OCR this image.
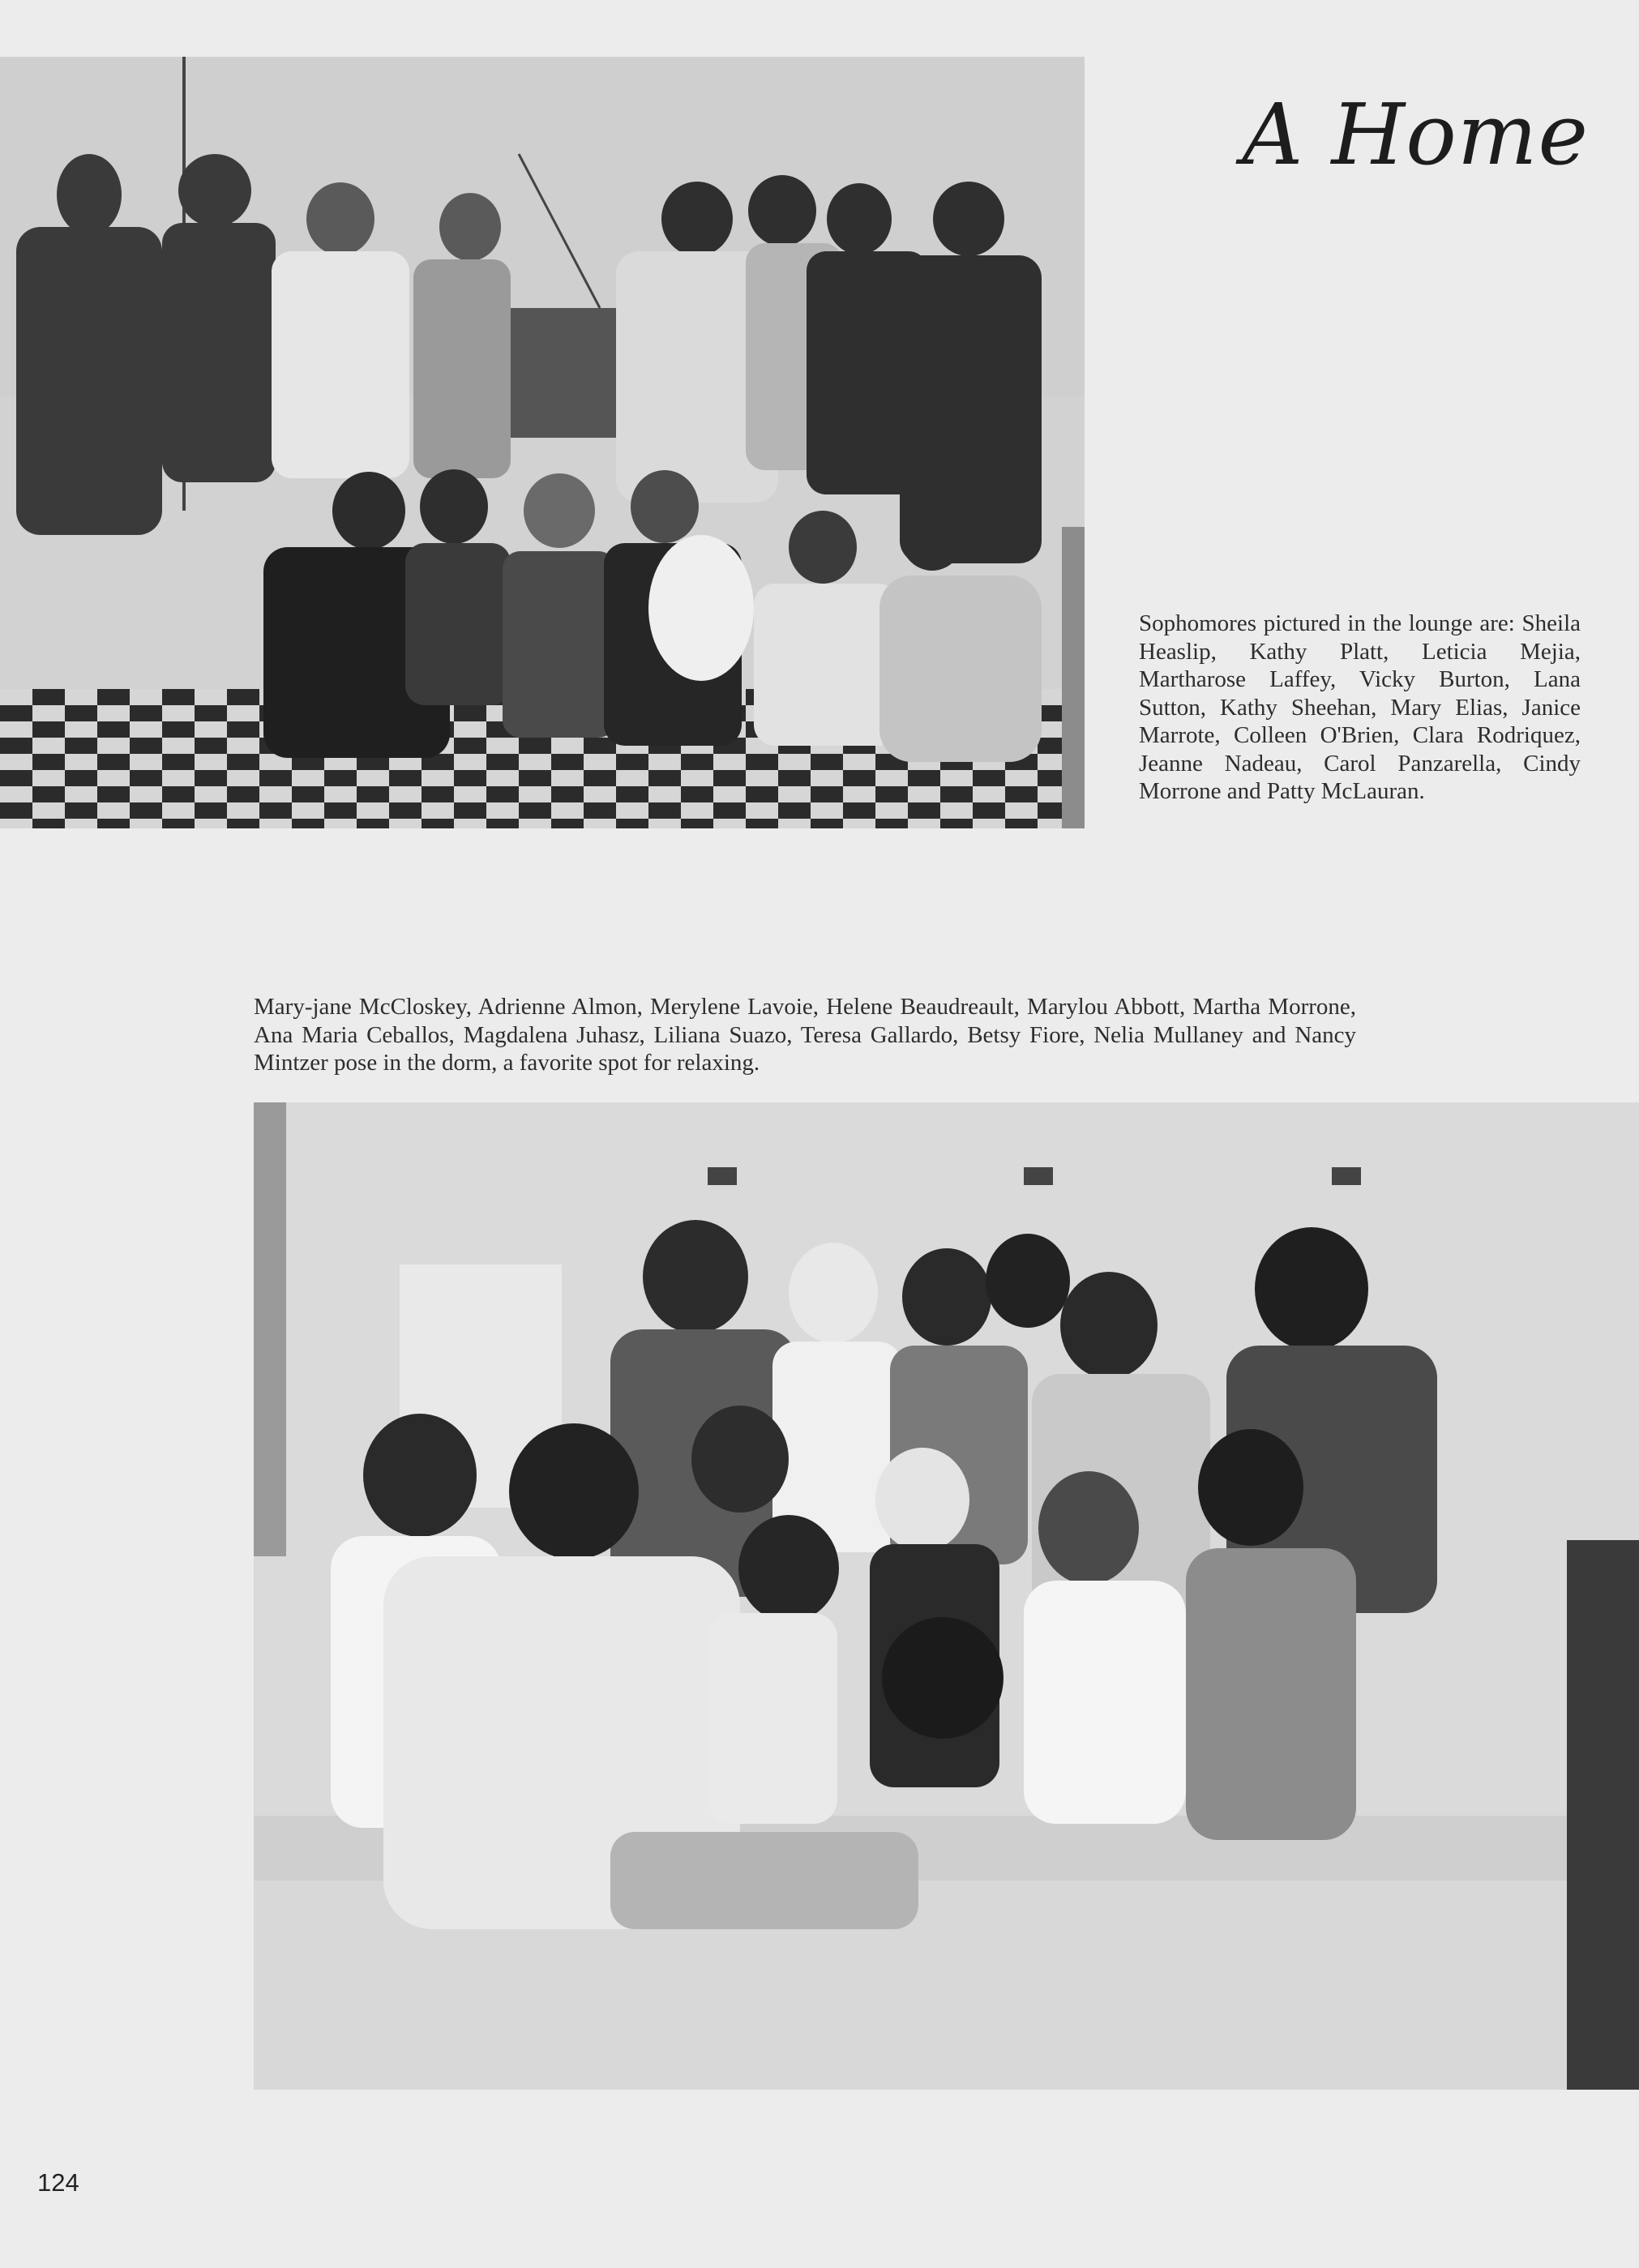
A Home
Sophomores pictured in the lounge are: Sheila Heaslip, Kathy Platt, Leticia Mejia, Martharose Laffey, Vicky Burton, Lana Sutton, Kathy Sheehan, Mary Elias, Janice Marrote, Colleen O'Brien, Clara Rodriquez, Jeanne Nadeau, Carol Panzarella, Cindy Morrone and Patty McLauran.
Mary-jane McCloskey, Adrienne Almon, Merylene Lavoie, Helene Beaudreault, Marylou Abbott, Martha Morrone, Ana Maria Ceballos, Magdalena Juhasz, Liliana Suazo, Teresa Gallardo, Betsy Fiore, Nelia Mullaney and Nancy Mintzer pose in the dorm, a favorite spot for relaxing.
124
